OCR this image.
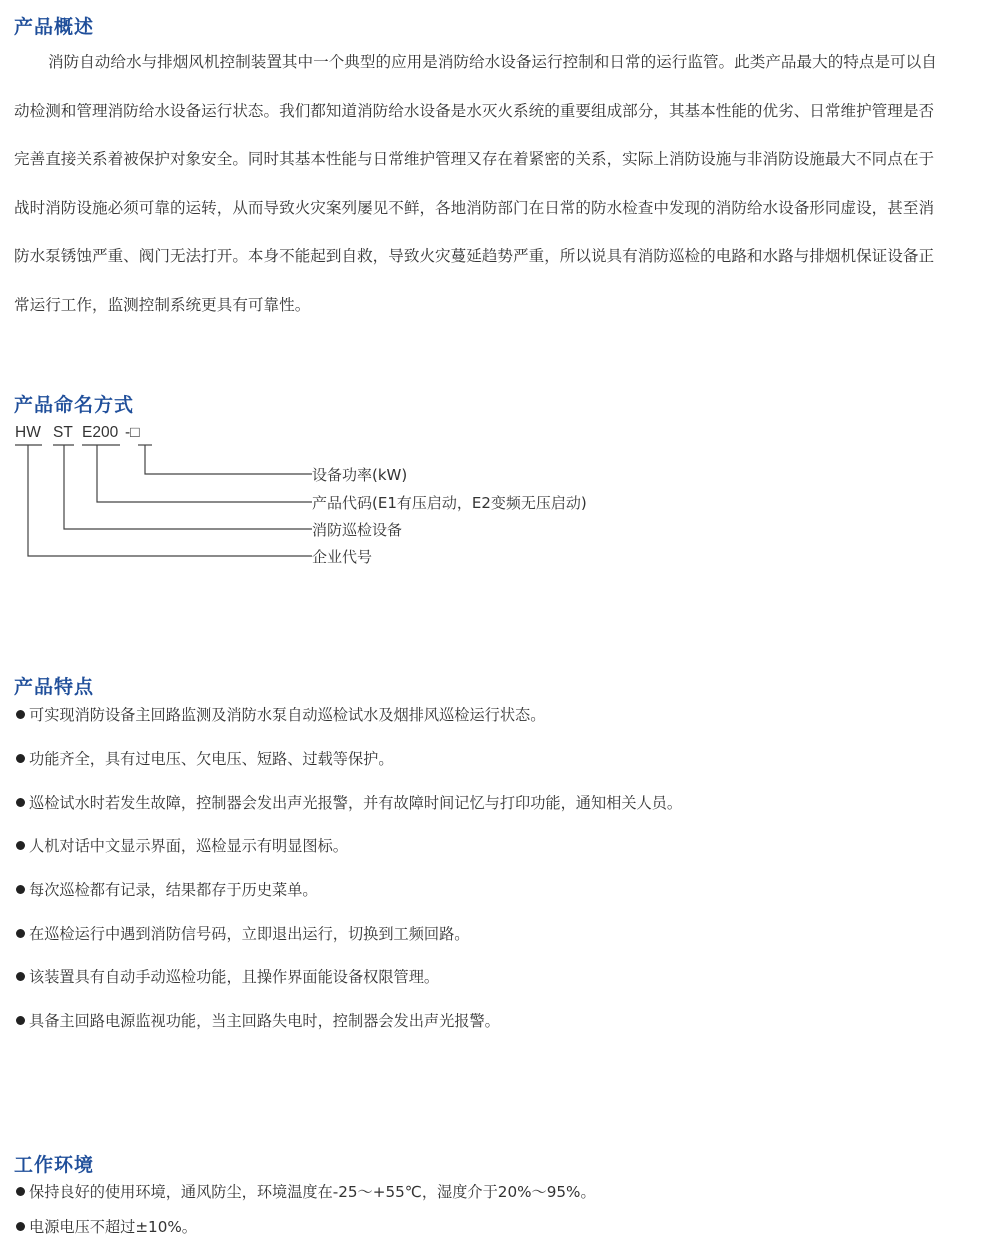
产品概述
消防自动给水与排烟风机控制装置其中一个典型的应用是消防给水设备运行控制和日常的运行监管。此类产品最大的特点是可以自
动检测和管理消防给水设备运行状态。我们都知道消防给水设备是水灭火系统的重要组成部分，其基本性能的优劣、日常维护管理是否
完善直接关系着被保护对象安全。同时其基本性能与日常维护管理又存在着紧密的关系，实际上消防设施与非消防设施最大不同点在于
战时消防设施必须可靠的运转，从而导致火灾案列屡见不鲜，各地消防部门在日常的防水检查中发现的消防给水设备形同虚设，甚至消
防水泵锈蚀严重、阀门无法打开。本身不能起到自救，导致火灾蔓延趋势严重，所以说具有消防巡检的电路和水路与排烟机保证设备正
常运行工作，监测控制系统更具有可靠性。
产品命名方式
HW ST E200 -□
设备功率(kW)
产品代码(E1有压启动，E2变频无压启动)
消防巡检设备
企业代号
产品特点
可实现消防设备主回路监测及消防水泵自动巡检试水及烟排风巡检运行状态。
功能齐全，具有过电压、欠电压、短路、过载等保护。
巡检试水时若发生故障，控制器会发出声光报警，并有故障时间记忆与打印功能，通知相关人员。
人机对话中文显示界面，巡检显示有明显图标。
每次巡检都有记录，结果都存于历史菜单。
在巡检运行中遇到消防信号码，立即退出运行，切换到工频回路。
该装置具有自动手动巡检功能，且操作界面能设备权限管理。
具备主回路电源监视功能，当主回路失电时，控制器会发出声光报警。
工作环境
保持良好的使用环境，通风防尘，环境温度在-25～+55℃，湿度介于20%～95%。
电源电压不超过±10%。
